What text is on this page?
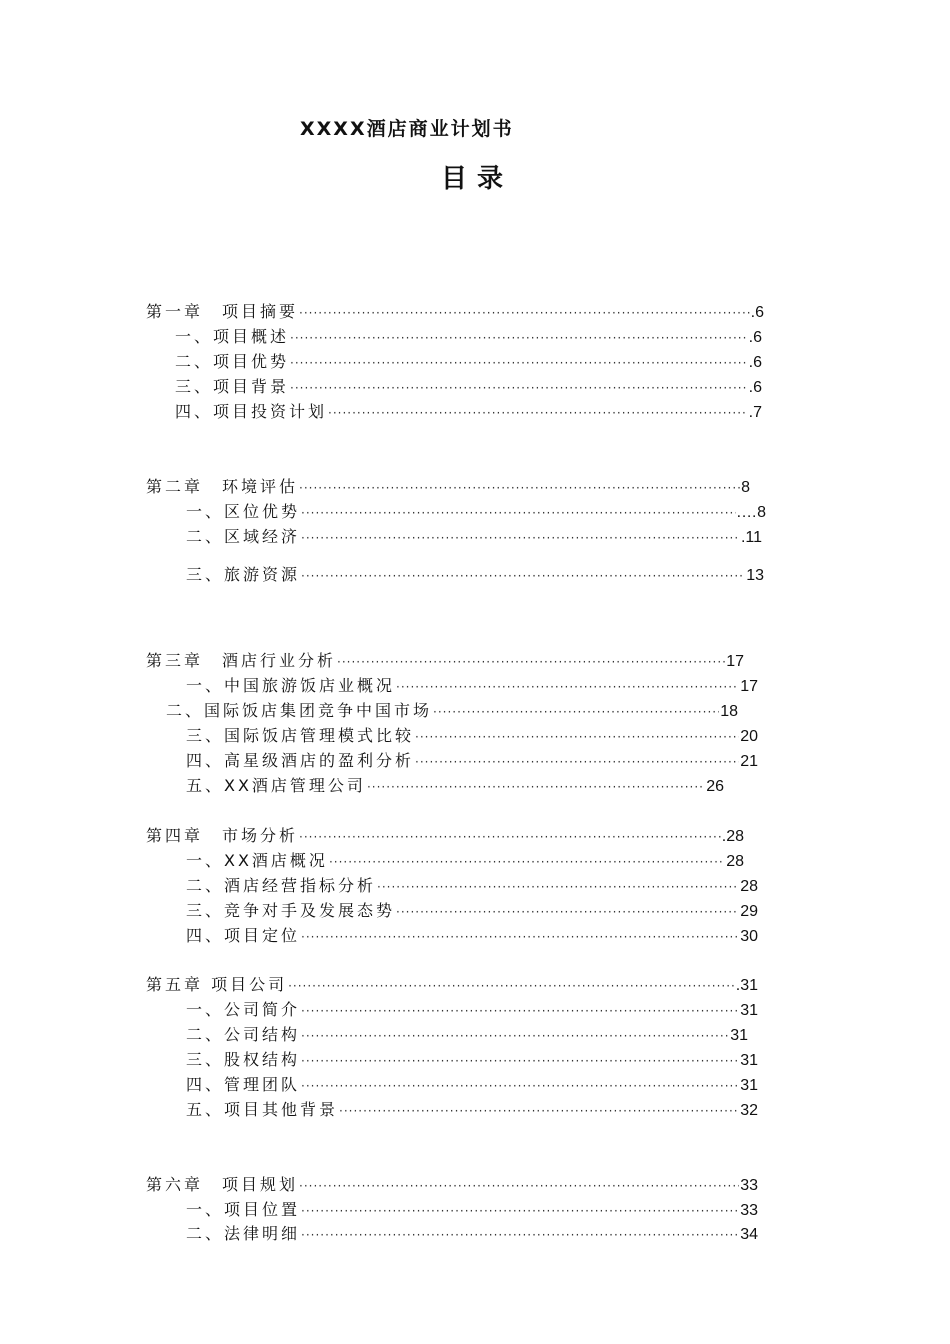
XXXX酒店商业计划书
目录
第一章　项目摘要 ·····	.6
一、项目概述 ·····	.6
二、项目优势 ·····	.6
三、项目背景 ·····	.6
四、项目投资计划 ·····	.7
第二章　环境评估 ·····	8
一、区位优势 ·····	.…8
二、区域经济 ·····	.11
三、旅游资源 ·····	13
第三章　酒店行业分析 ·····	17
一、中国旅游饭店业概况 ·····	17
二、国际饭店集团竞争中国市场 ·····	18
三、国际饭店管理模式比较 ·····	20
四、高星级酒店的盈利分析 ·····	21
五、XX酒店管理公司 ·····	26
第四章　市场分析 ·····	.28
一、XX酒店概况 ·····	28
二、酒店经营指标分析 ·····	28
三、竞争对手及发展态势 ·····	29
四、项目定位 ·····	30
第五章 项目公司 ·····	.31
一、公司简介 ·····	31
二、公司结构 ·····	31
三、股权结构 ·····	31
四、管理团队 ·····	31
五、项目其他背景 ·····	32
第六章　项目规划 ·····	33
一、项目位置 ·····	33
二、法律明细 ·····	34
